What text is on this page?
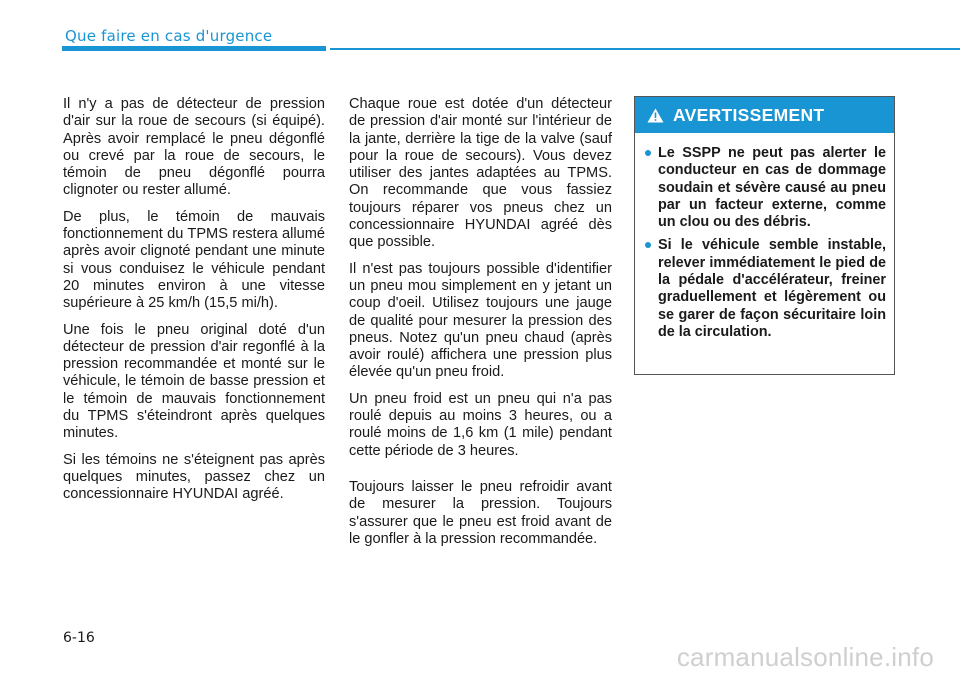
Que faire en cas d'urgence

Il n'y a pas de détecteur de pression d'air sur la roue de secours (si équipé). Après avoir remplacé le pneu dégonflé ou crevé par la roue de secours, le témoin de pneu dégonflé pourra clignoter ou rester allumé.

De plus, le témoin de mauvais fonctionnement du TPMS restera allumé après avoir clignoté pendant une minute si vous conduisez le véhicule pendant 20 minutes environ à une vitesse supérieure à 25 km/h (15,5 mi/h).

Une fois le pneu original doté d'un détecteur de pression d'air regonflé à la pression recommandée et monté sur le véhicule, le témoin de basse pression et le témoin de mauvais fonctionnement du TPMS s'éteindront après quelques minutes.

Si les témoins ne s'éteignent pas après quelques minutes, passez chez un concessionnaire HYUNDAI agréé.

Chaque roue est dotée d'un détecteur de pression d'air monté sur l'intérieur de la jante, derrière la tige de la valve (sauf pour la roue de secours). Vous devez utiliser des jantes adaptées au TPMS. On recommande que vous fassiez toujours réparer vos pneus chez un concessionnaire HYUNDAI agréé dès que possible.

Il n'est pas toujours possible d'identifier un pneu mou simplement en y jetant un coup d'oeil. Utilisez toujours une jauge de qualité pour mesurer la pression des pneus. Notez qu'un pneu chaud (après avoir roulé) affichera une pression plus élevée qu'un pneu froid.

Un pneu froid est un pneu qui n'a pas roulé depuis au moins 3 heures, ou a roulé moins de 1,6 km (1 mile) pendant cette période de 3 heures.

Toujours laisser le pneu refroidir avant de mesurer la pression. Toujours s'assurer que le pneu est froid avant de le gonfler à la pression recommandée.

AVERTISSEMENT
Le SSPP ne peut pas alerter le conducteur en cas de dommage soudain et sévère causé au pneu par un facteur externe, comme un clou ou des débris.
Si le véhicule semble instable, relever immédiatement le pied de la pédale d'accélérateur, freiner graduellement et légèrement ou se garer de façon sécuritaire loin de la circulation.
6-16
carmanualsonline.info
